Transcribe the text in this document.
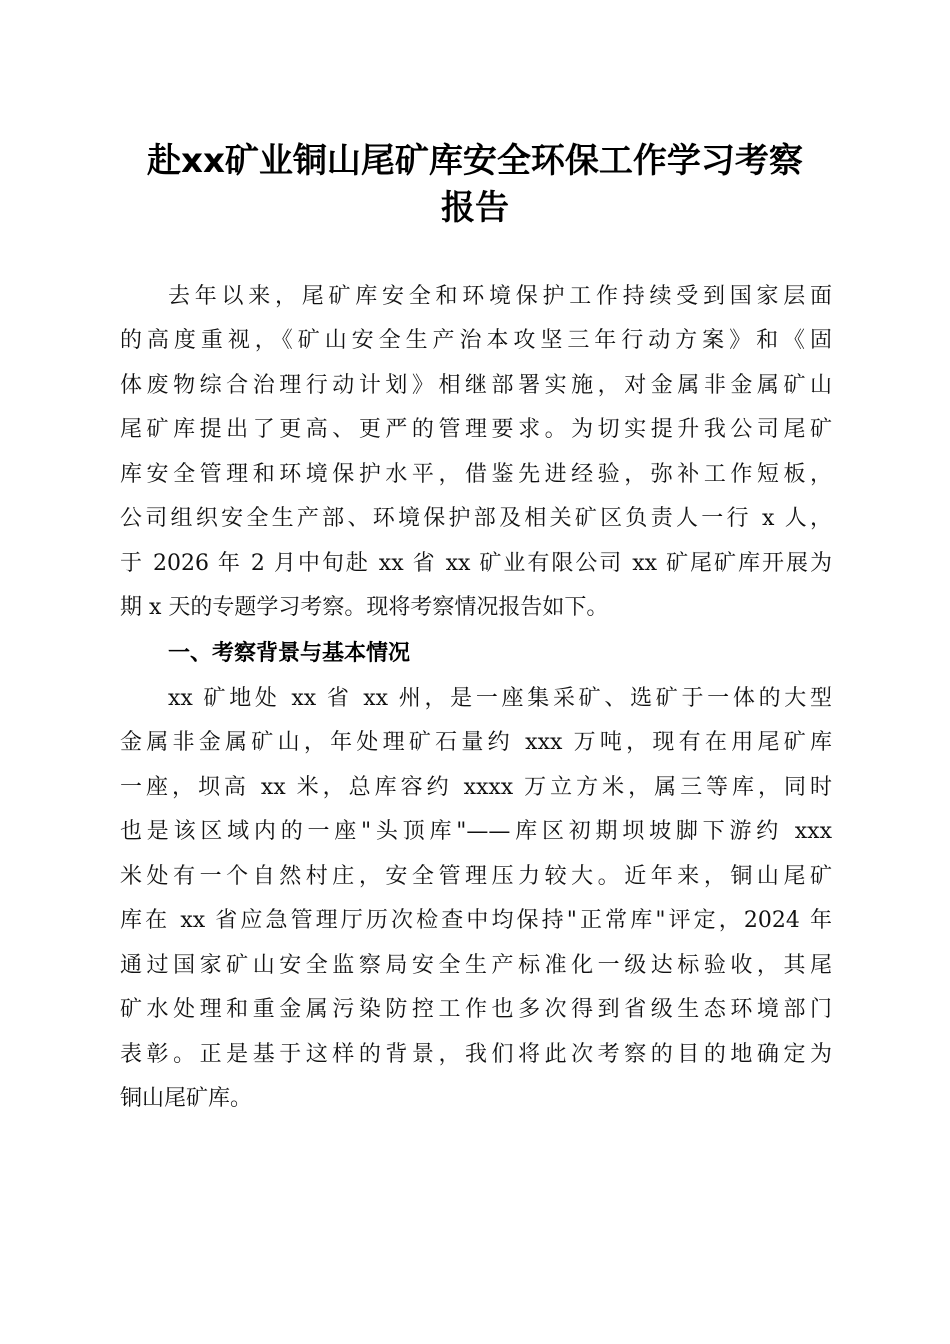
赴xx矿业铜山尾矿库安全环保工作学习考察
报告
去年以来，尾矿库安全和环境保护工作持续受到国家层面
的高度重视，《矿山安全生产治本攻坚三年行动方案》和《固
体废物综合治理行动计划》相继部署实施，对金属非金属矿山
尾矿库提出了更高、更严的管理要求。为切实提升我公司尾矿
库安全管理和环境保护水平，借鉴先进经验，弥补工作短板，
公司组织安全生产部、环境保护部及相关矿区负责人一行 x 人，
于 2026 年 2 月中旬赴 xx 省 xx 矿业有限公司 xx 矿尾矿库开展为
期 x 天的专题学习考察。现将考察情况报告如下。
一、考察背景与基本情况
xx 矿地处 xx 省 xx 州，是一座集采矿、选矿于一体的大型
金属非金属矿山，年处理矿石量约 xxx 万吨，现有在用尾矿库
一座，坝高 xx 米，总库容约 xxxx 万立方米，属三等库，同时
也是该区域内的一座"头顶库"——库区初期坝坡脚下游约 xxx
米处有一个自然村庄，安全管理压力较大。近年来，铜山尾矿
库在 xx 省应急管理厅历次检查中均保持"正常库"评定，2024 年
通过国家矿山安全监察局安全生产标准化一级达标验收，其尾
矿水处理和重金属污染防控工作也多次得到省级生态环境部门
表彰。正是基于这样的背景，我们将此次考察的目的地确定为
铜山尾矿库。
